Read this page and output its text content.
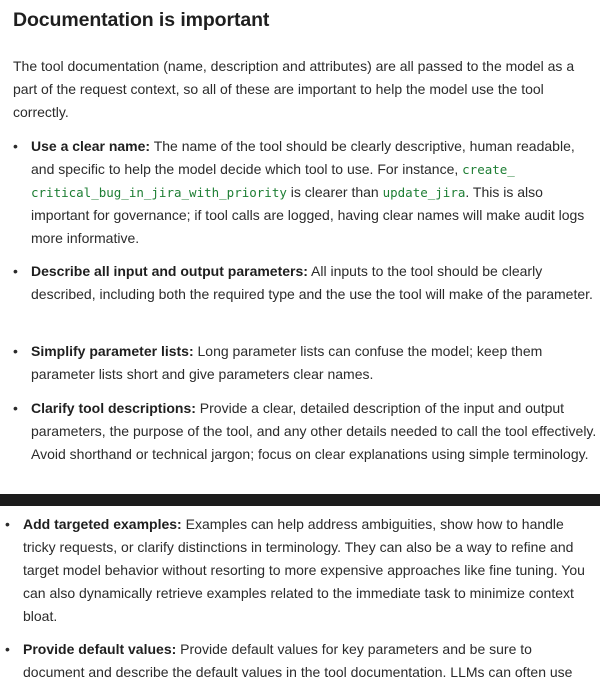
Documentation is important

The tool documentation (name, description and attributes) are all passed to the model as a part of the request context, so all of these are important to help the model use the tool correctly.

• Use a clear name: The name of the tool should be clearly descriptive, human readable, and specific to help the model decide which tool to use. For instance, create_ critical_bug_in_jira_with_priority is clearer than update_jira. This is also important for governance; if tool calls are logged, having clear names will make audit logs more informative.
• Describe all input and output parameters: All inputs to the tool should be clearly described, including both the required type and the use the tool will make of the parameter.
• Simplify parameter lists: Long parameter lists can confuse the model; keep them parameter lists short and give parameters clear names.
• Clarify tool descriptions: Provide a clear, detailed description of the input and output parameters, the purpose of the tool, and any other details needed to call the tool effectively. Avoid shorthand or technical jargon; focus on clear explanations using simple terminology.
• Add targeted examples: Examples can help address ambiguities, show how to handle tricky requests, or clarify distinctions in terminology. They can also be a way to refine and target model behavior without resorting to more expensive approaches like fine tuning. You can also dynamically retrieve examples related to the immediate task to minimize context bloat.
• Provide default values: Provide default values for key parameters and be sure to document and describe the default values in the tool documentation. LLMs can often use
